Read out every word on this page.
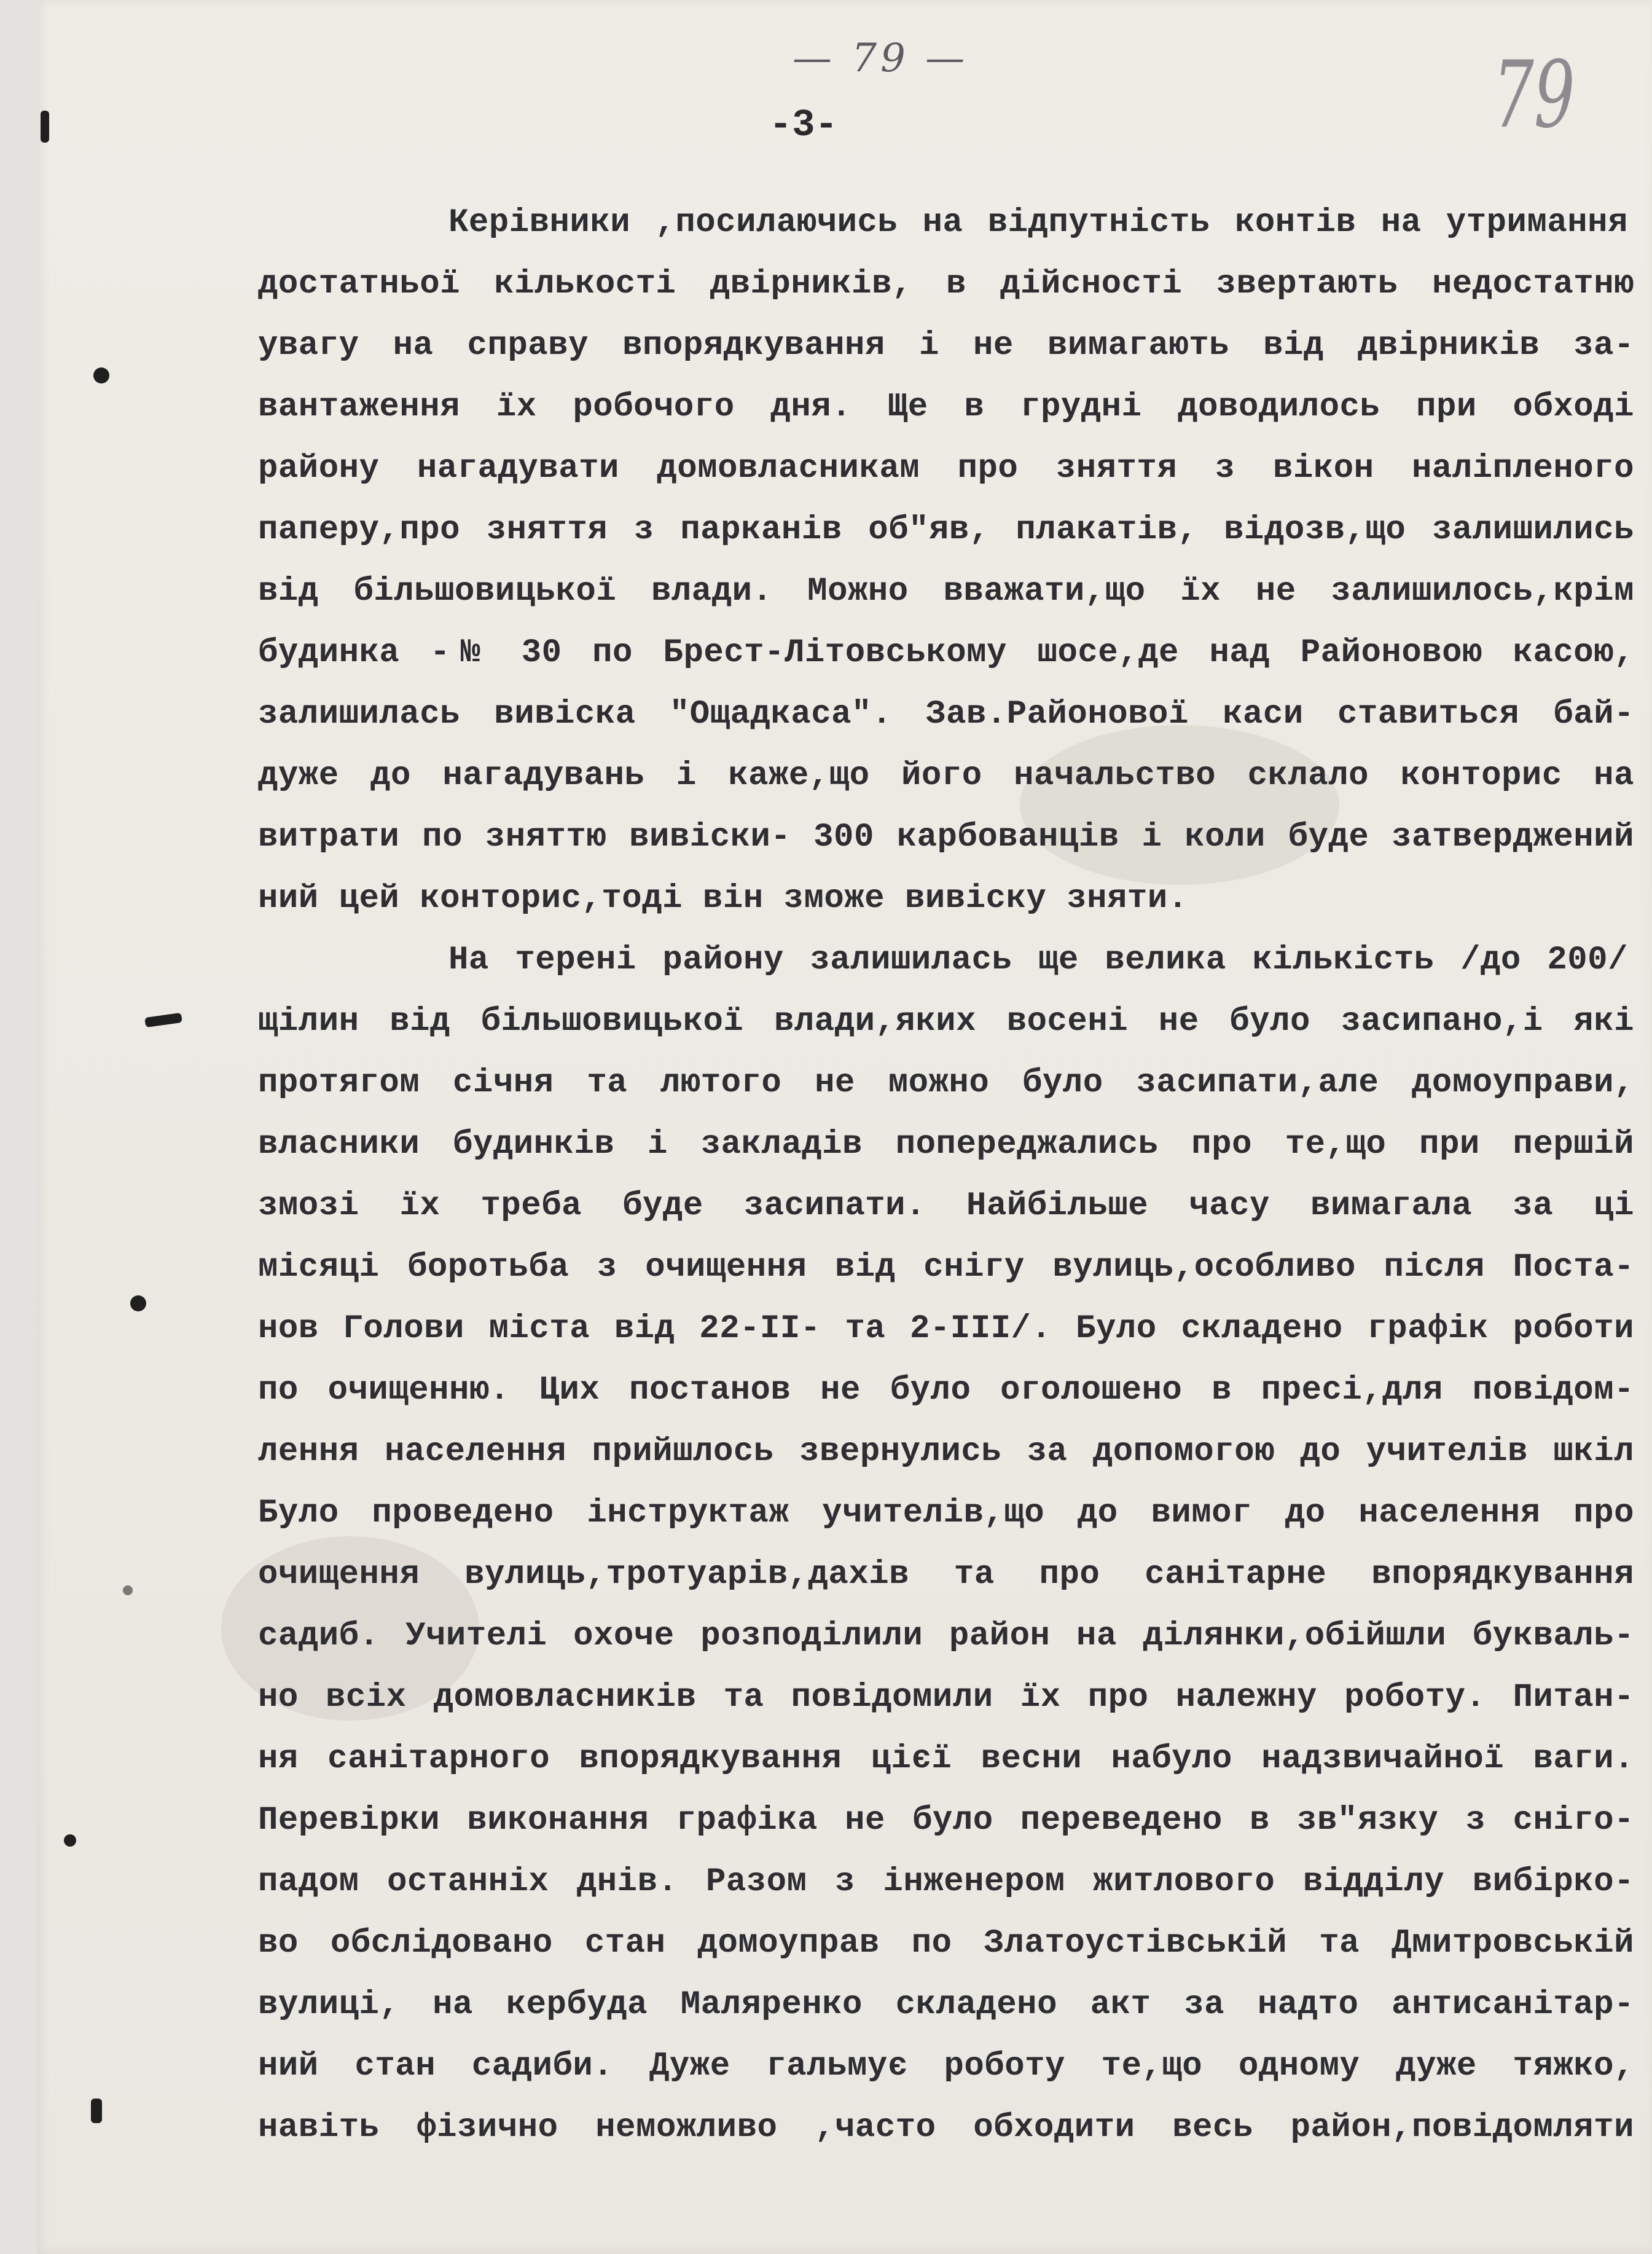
— 79 —	79
-3-

Керівники ,посилаючись на відпутність контів на утримання

достатньої кількості двірників, в дійсності звертають недостатню

увагу на справу впорядкування і не вимагають від двірників за-

вантаження їх робочого дня. Ще в грудні доводилось при обході

району нагадувати домовласникам про зняття з вікон наліпленого

паперу,про зняття з парканів об"яв, плакатів, відозв,що залишились

від більшовицької влади. Можно вважати,що їх не залишилось,крім

будинка -№ 30 по Брест-Літовському шосе,де над Районовою касою,

залишилась вивіска "Ощадкаса". Зав.Районової каси ставиться бай-

дуже до нагадувань і каже,що його начальство склало конторис на

витрати по зняттю вивіски- 300 карбованців і коли буде затверджений

ний цей конторис,тоді він зможе вивіску зняти.

На терені району залишилась ще велика кількість /до 200/

щілин від більшовицької влади,яких восені не було засипано,і які

протягом січня та лютого не можно було засипати,але домоуправи,

власники будинків і закладів попереджались про те,що при першій

змозі їх треба буде засипати. Найбільше часу вимагала за ці

місяці боротьба з очищення від снігу вулиць,особливо після Поста-

нов Голови міста від 22-II- та 2-III/. Було складено графік роботи

по очищенню. Цих постанов не було оголошено в пресі,для повідом-

лення населення прийшлось звернулись за допомогою до учителів шкіл

Було проведено інструктаж учителів,що до вимог до населення про

очищення вулиць,тротуарів,дахів та про санітарне впорядкування

садиб. Учителі охоче розподілили район на ділянки,обійшли букваль-

но всіх домовласників та повідомили їх про належну роботу. Питан-

ня санітарного впорядкування цієї весни набуло надзвичайної ваги.

Перевірки виконання графіка не було переведено в зв"язку з сніго-

падом останніх днів. Разом з інженером житлового відділу вибірко-

во обслідовано стан домоуправ по Златоустівській та Дмитровській

вулиці, на кербуда Маляренко складено акт за надто антисанітар-

ний стан садиби. Дуже гальмує роботу те,що одному дуже тяжко,

навіть фізично неможливо ,часто обходити весь район,повідомляти
